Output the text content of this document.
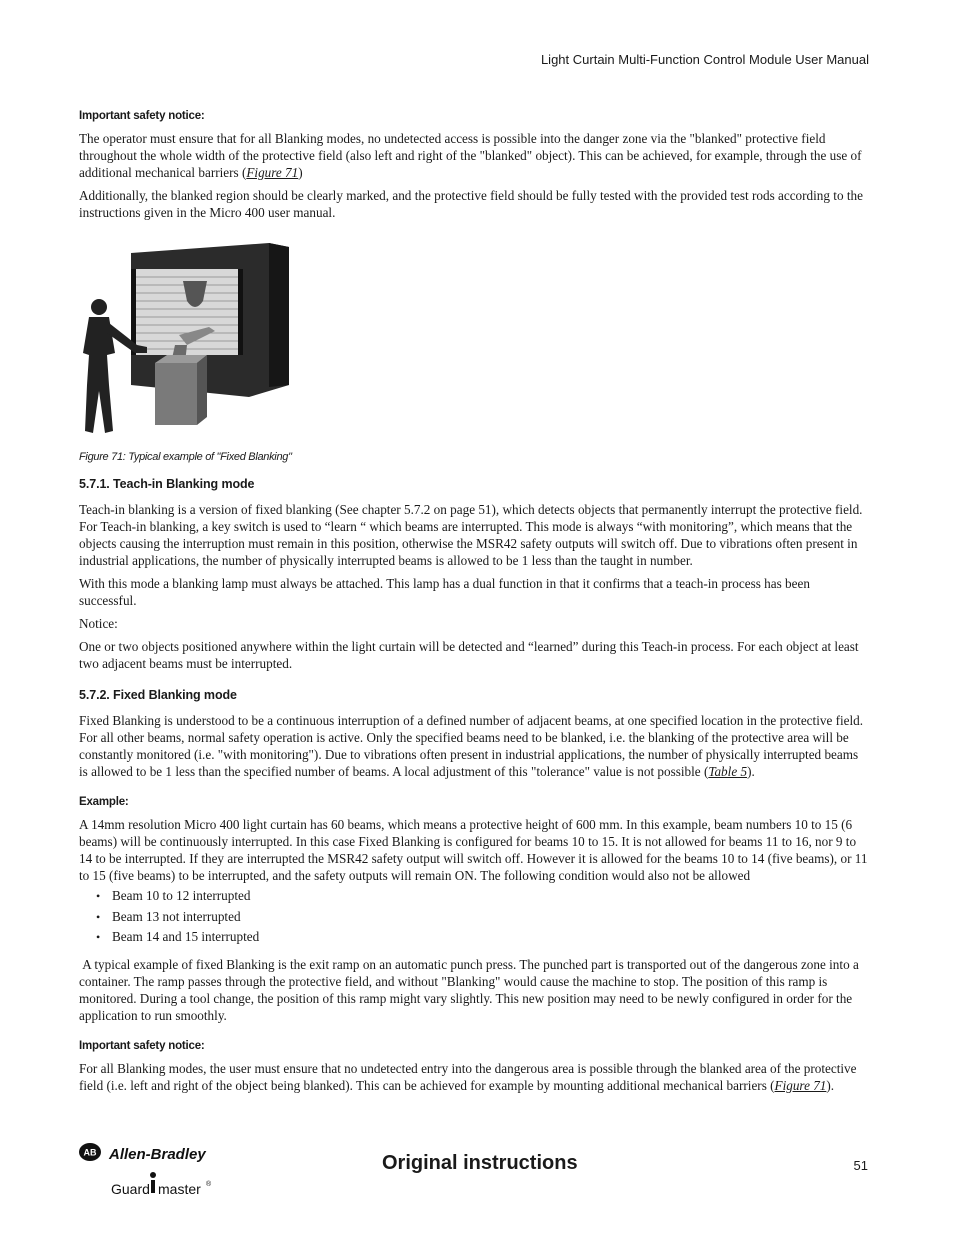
Light Curtain Multi-Function Control Module User Manual
Important safety notice:

The operator must ensure that for all Blanking modes, no undetected access is possible into the danger zone via the "blanked" protective field throughout the whole width of the protective field (also left and right of the "blanked" object). This can be achieved, for example, through the use of additional mechanical barriers (Figure 71)

Additionally, the blanked region should be clearly marked, and the protective field should be fully tested with the provided test rods according to the instructions given in the Micro 400 user manual.

Figure 71: Typical example of "Fixed Blanking"
5.7.1. Teach-in Blanking mode

Teach-in blanking is a version of fixed blanking (See chapter 5.7.2 on page 51), which detects objects that permanently interrupt the protective field. For Teach-in blanking, a key switch is used to “learn “ which beams are interrupted. This mode is always “with monitoring”, which means that the objects causing the interruption must remain in this position, otherwise the MSR42 safety outputs will switch off. Due to vibrations often present in industrial applications, the number of physically interrupted beams is allowed to be 1 less than the taught in number.

With this mode a blanking lamp must always be attached. This lamp has a dual function in that it confirms that a teach-in process has been successful.

Notice:

One or two objects positioned anywhere within the light curtain will be detected and “learned” during this Teach-in process. For each object at least two adjacent beams must be interrupted.

5.7.2. Fixed Blanking mode

Fixed Blanking is understood to be a continuous interruption of a defined number of adjacent beams, at one specified location in the protective field. For all other beams, normal safety operation is active. Only the specified beams need to be blanked, i.e. the blanking of the protective area will be constantly monitored (i.e. "with monitoring"). Due to vibrations often present in industrial applications, the number of physically interrupted beams is allowed to be 1 less than the specified number of beams. A local adjustment of this "tolerance" value is not possible (Table 5).

Example:

A 14mm resolution Micro 400 light curtain has 60 beams, which means a protective height of 600 mm. In this example, beam numbers 10 to 15 (6 beams) will be continuously interrupted. In this case Fixed Blanking is configured for beams 10 to 15. It is not allowed for beams 11 to 16, nor 9 to 14 to be interrupted. If they are interrupted the MSR42 safety output will switch off. However it is allowed for the beams 10 to 14 (five beams), or 11 to 15 (five beams) to be interrupted, and the safety outputs will remain ON. The following condition would also not be allowed

• Beam 10 to 12 interrupted
• Beam 13 not interrupted
• Beam 14 and 15 interrupted

A typical example of fixed Blanking is the exit ramp on an automatic punch press. The punched part is transported out of the dangerous zone into a container. The ramp passes through the protective field, and without "Blanking" would cause the machine to stop. The position of this ramp is monitored. During a tool change, the position of this ramp might vary slightly. This new position may need to be newly configured in order for the application to run smoothly.

Important safety notice:

For all Blanking modes, the user must ensure that no undetected entry into the dangerous area is possible through the blanked area of the protective field (i.e. left and right of the object being blanked). This can be achieved for example by mounting additional mechanical barriers (Figure 71).

AB Allen-Bradley
Guard master ®
Original instructions	51
